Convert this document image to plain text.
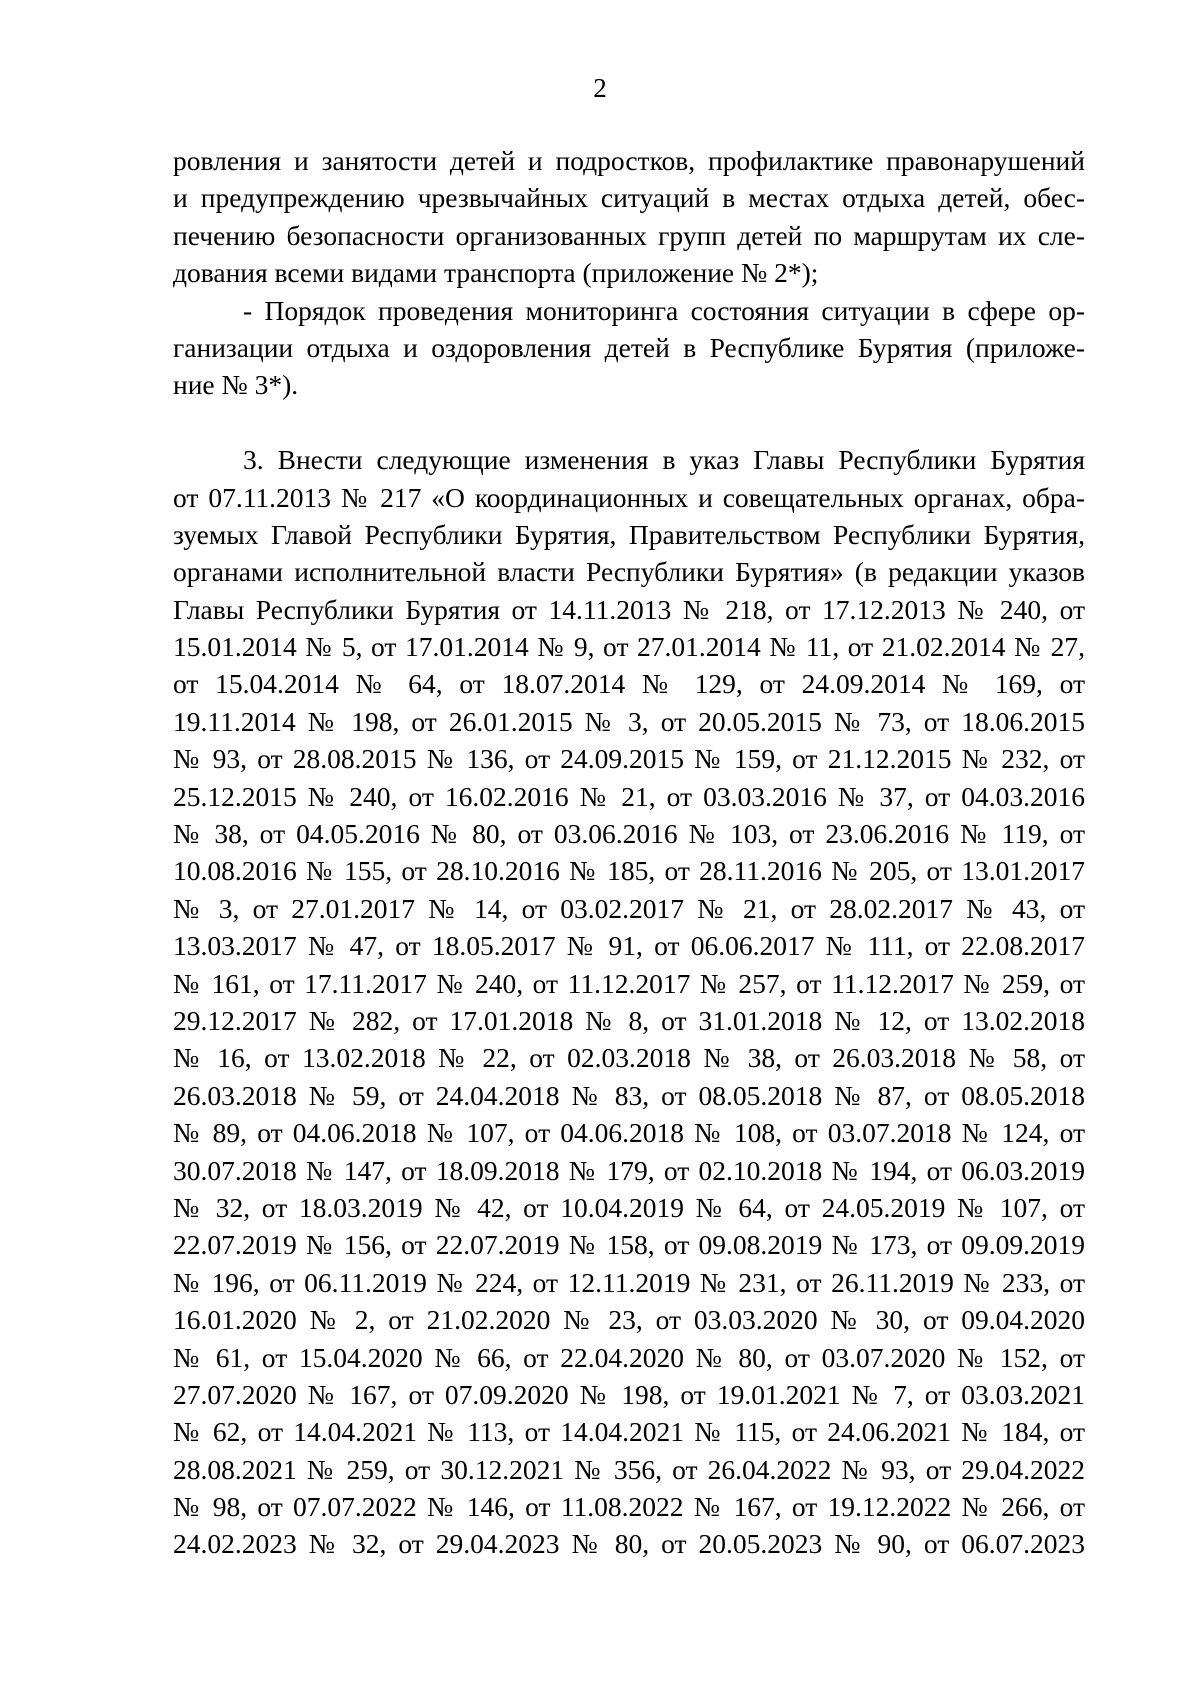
2
ровления и занятости детей и подростков, профилактике правонарушений
и предупреждению чрезвычайных ситуаций в местах отдыха детей, обес-
печению безопасности организованных групп детей по маршрутам их сле-
дования всеми видами транспорта (приложение № 2*);
- Порядок проведения мониторинга состояния ситуации в сфере ор-
ганизации отдыха и оздоровления детей в Республике Бурятия (приложе-
ние № 3*).
3. Внести следующие изменения в указ Главы Республики Бурятия
от 07.11.2013 № 217 «О координационных и совещательных органах, обра-
зуемых Главой Республики Бурятия, Правительством Республики Бурятия,
органами исполнительной власти Республики Бурятия» (в редакции указов
Главы Республики Бурятия от 14.11.2013 № 218, от 17.12.2013 № 240, от
15.01.2014 № 5, от 17.01.2014 № 9, от 27.01.2014 № 11, от 21.02.2014 № 27,
от 15.04.2014 № 64, от 18.07.2014 № 129, от 24.09.2014 № 169, от
19.11.2014 № 198, от 26.01.2015 № 3, от 20.05.2015 № 73, от 18.06.2015
№ 93, от 28.08.2015 № 136, от 24.09.2015 № 159, от 21.12.2015 № 232, от
25.12.2015 № 240, от 16.02.2016 № 21, от 03.03.2016 № 37, от 04.03.2016
№ 38, от 04.05.2016 № 80, от 03.06.2016 № 103, от 23.06.2016 № 119, от
10.08.2016 № 155, от 28.10.2016 № 185, от 28.11.2016 № 205, от 13.01.2017
№ 3, от 27.01.2017 № 14, от 03.02.2017 № 21, от 28.02.2017 № 43, от
13.03.2017 № 47, от 18.05.2017 № 91, от 06.06.2017 № 111, от 22.08.2017
№ 161, от 17.11.2017 № 240, от 11.12.2017 № 257, от 11.12.2017 № 259, от
29.12.2017 № 282, от 17.01.2018 № 8, от 31.01.2018 № 12, от 13.02.2018
№ 16, от 13.02.2018 № 22, от 02.03.2018 № 38, от 26.03.2018 № 58, от
26.03.2018 № 59, от 24.04.2018 № 83, от 08.05.2018 № 87, от 08.05.2018
№ 89, от 04.06.2018 № 107, от 04.06.2018 № 108, от 03.07.2018 № 124, от
30.07.2018 № 147, от 18.09.2018 № 179, от 02.10.2018 № 194, от 06.03.2019
№ 32, от 18.03.2019 № 42, от 10.04.2019 № 64, от 24.05.2019 № 107, от
22.07.2019 № 156, от 22.07.2019 № 158, от 09.08.2019 № 173, от 09.09.2019
№ 196, от 06.11.2019 № 224, от 12.11.2019 № 231, от 26.11.2019 № 233, от
16.01.2020 № 2, от 21.02.2020 № 23, от 03.03.2020 № 30, от 09.04.2020
№ 61, от 15.04.2020 № 66, от 22.04.2020 № 80, от 03.07.2020 № 152, от
27.07.2020 № 167, от 07.09.2020 № 198, от 19.01.2021 № 7, от 03.03.2021
№ 62, от 14.04.2021 № 113, от 14.04.2021 № 115, от 24.06.2021 № 184, от
28.08.2021 № 259, от 30.12.2021 № 356, от 26.04.2022 № 93, от 29.04.2022
№ 98, от 07.07.2022 № 146, от 11.08.2022 № 167, от 19.12.2022 № 266, от
24.02.2023 № 32, от 29.04.2023 № 80, от 20.05.2023 № 90, от 06.07.2023
